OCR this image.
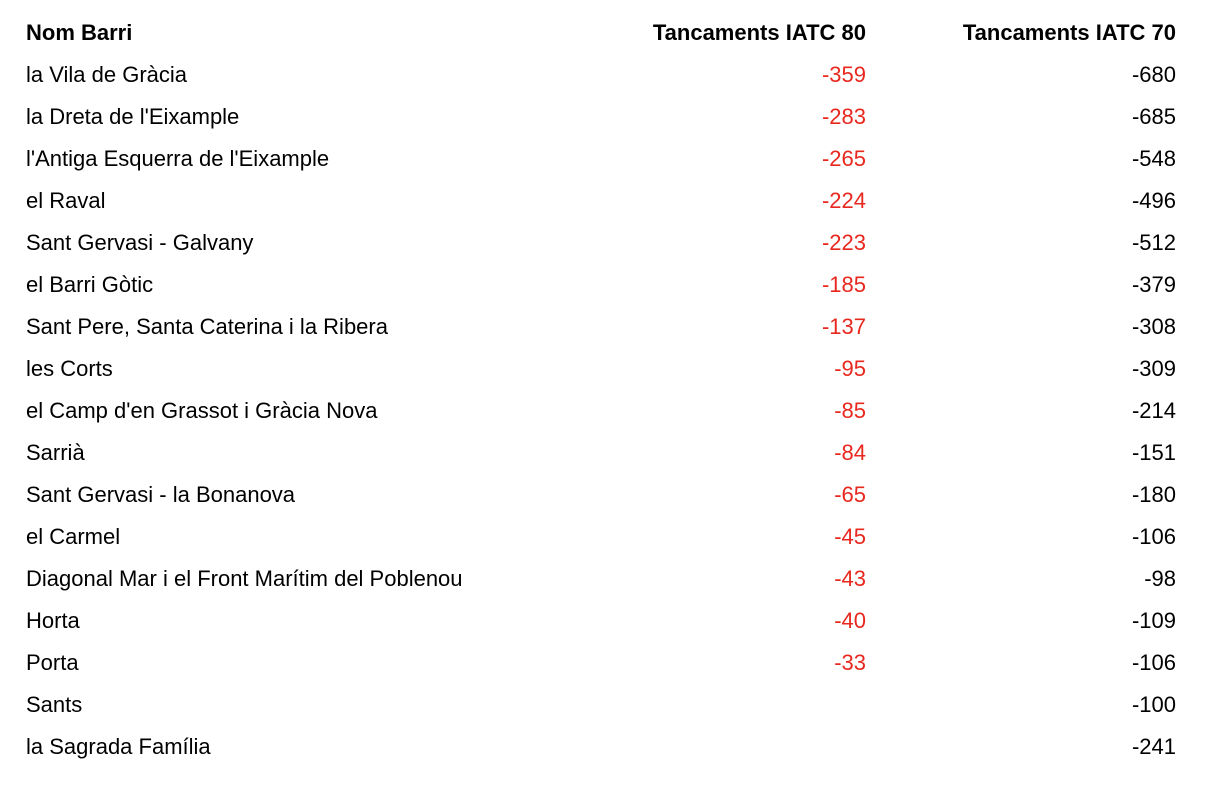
Nom Barri	Tancaments IATC 80	Tancaments IATC 70
la Vila de Gràcia	-359	-680
la Dreta de l'Eixample	-283	-685
l'Antiga Esquerra de l'Eixample	-265	-548
el Raval	-224	-496
Sant Gervasi - Galvany	-223	-512
el Barri Gòtic	-185	-379
Sant Pere, Santa Caterina i la Ribera	-137	-308
les Corts	-95	-309
el Camp d'en Grassot i Gràcia Nova	-85	-214
Sarrià	-84	-151
Sant Gervasi - la Bonanova	-65	-180
el Carmel	-45	-106
Diagonal Mar i el Front Marítim del Poblenou	-43	-98
Horta	-40	-109
Porta	-33	-106
Sants		-100
la Sagrada Família		-241
